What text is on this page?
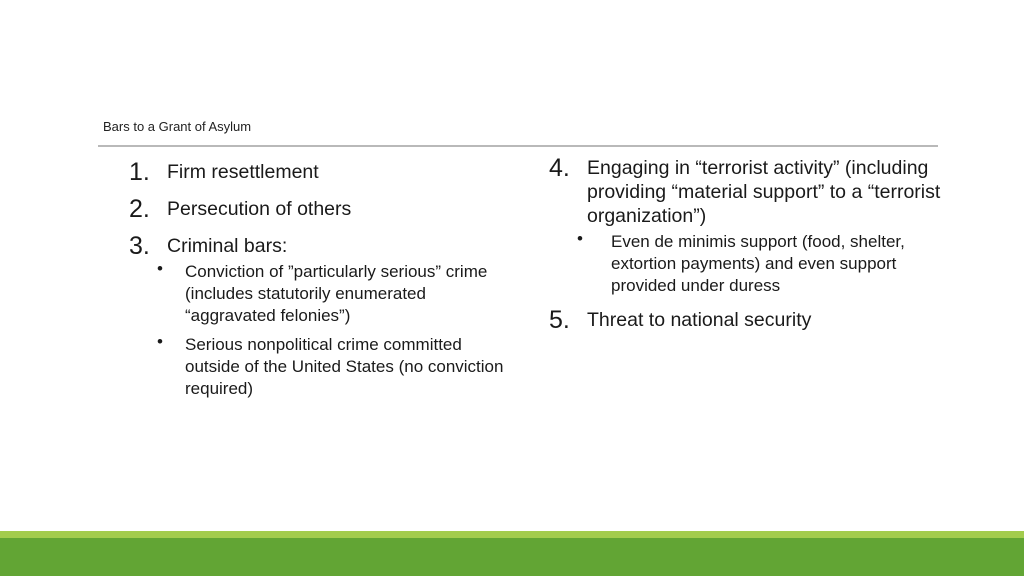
Bars to a Grant of Asylum
1. Firm resettlement
2. Persecution of others
3. Criminal bars:
• Conviction of ”particularly serious” crime (includes statutorily enumerated “aggravated felonies”)
• Serious nonpolitical crime committed outside of the United States (no conviction required)
4. Engaging in “terrorist activity” (including providing “material support” to a “terrorist organization”)
• Even de minimis support (food, shelter, extortion payments) and even support provided under duress
5. Threat to national security
